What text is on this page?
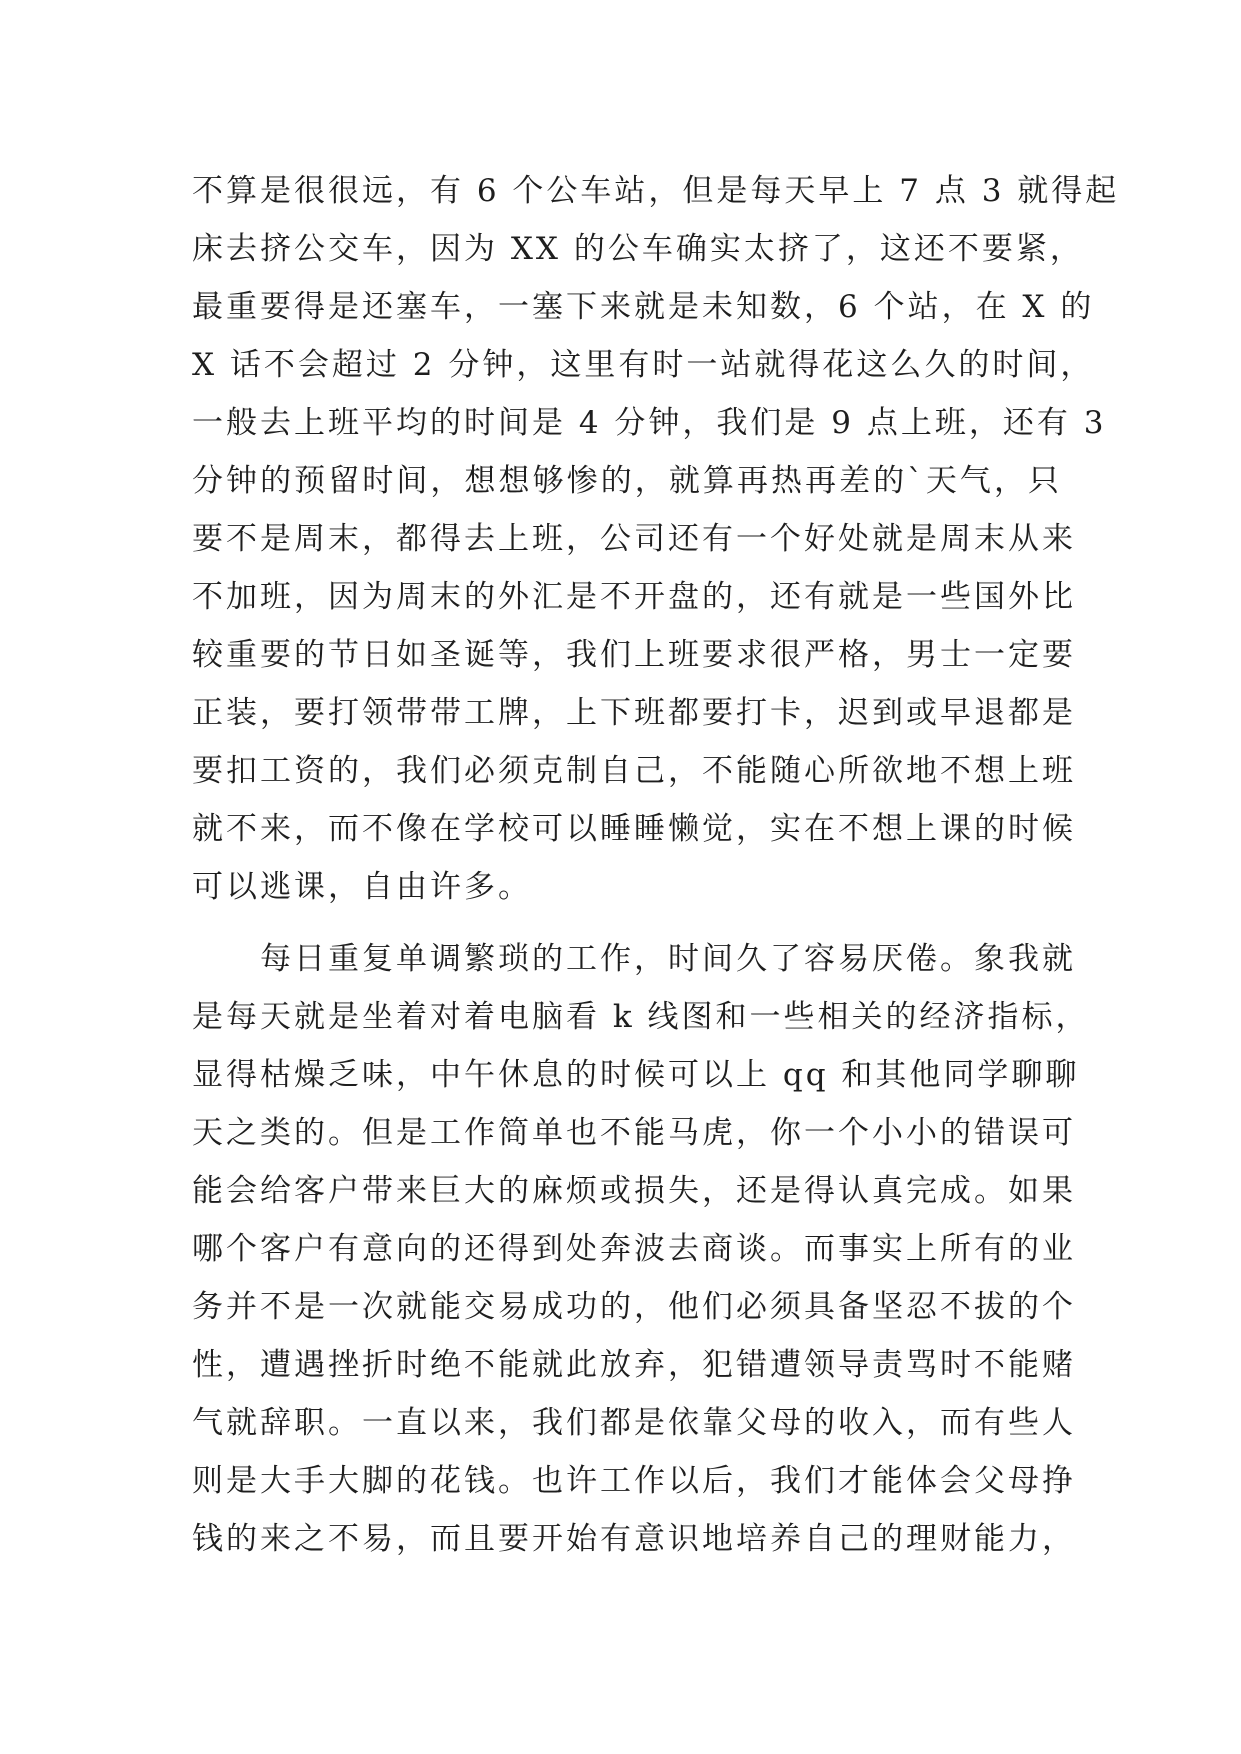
不算是很很远，有 6 个公车站，但是每天早上 7 点 3 就得起
床去挤公交车，因为 XX 的公车确实太挤了，这还不要紧，
最重要得是还塞车，一塞下来就是未知数，6 个站，在 X 的
X 话不会超过 2 分钟，这里有时一站就得花这么久的时间，
一般去上班平均的时间是 4 分钟，我们是 9 点上班，还有 3
分钟的预留时间，想想够惨的，就算再热再差的`天气，只
要不是周末，都得去上班，公司还有一个好处就是周末从来
不加班，因为周末的外汇是不开盘的，还有就是一些国外比
较重要的节日如圣诞等，我们上班要求很严格，男士一定要
正装，要打领带带工牌，上下班都要打卡，迟到或早退都是
要扣工资的，我们必须克制自己，不能随心所欲地不想上班
就不来，而不像在学校可以睡睡懒觉，实在不想上课的时候
可以逃课，自由许多。
每日重复单调繁琐的工作，时间久了容易厌倦。象我就
是每天就是坐着对着电脑看 k 线图和一些相关的经济指标，
显得枯燥乏味，中午休息的时候可以上 qq 和其他同学聊聊
天之类的。但是工作简单也不能马虎，你一个小小的错误可
能会给客户带来巨大的麻烦或损失，还是得认真完成。如果
哪个客户有意向的还得到处奔波去商谈。而事实上所有的业
务并不是一次就能交易成功的，他们必须具备坚忍不拔的个
性，遭遇挫折时绝不能就此放弃，犯错遭领导责骂时不能赌
气就辞职。一直以来，我们都是依靠父母的收入，而有些人
则是大手大脚的花钱。也许工作以后，我们才能体会父母挣
钱的来之不易，而且要开始有意识地培养自己的理财能力，
